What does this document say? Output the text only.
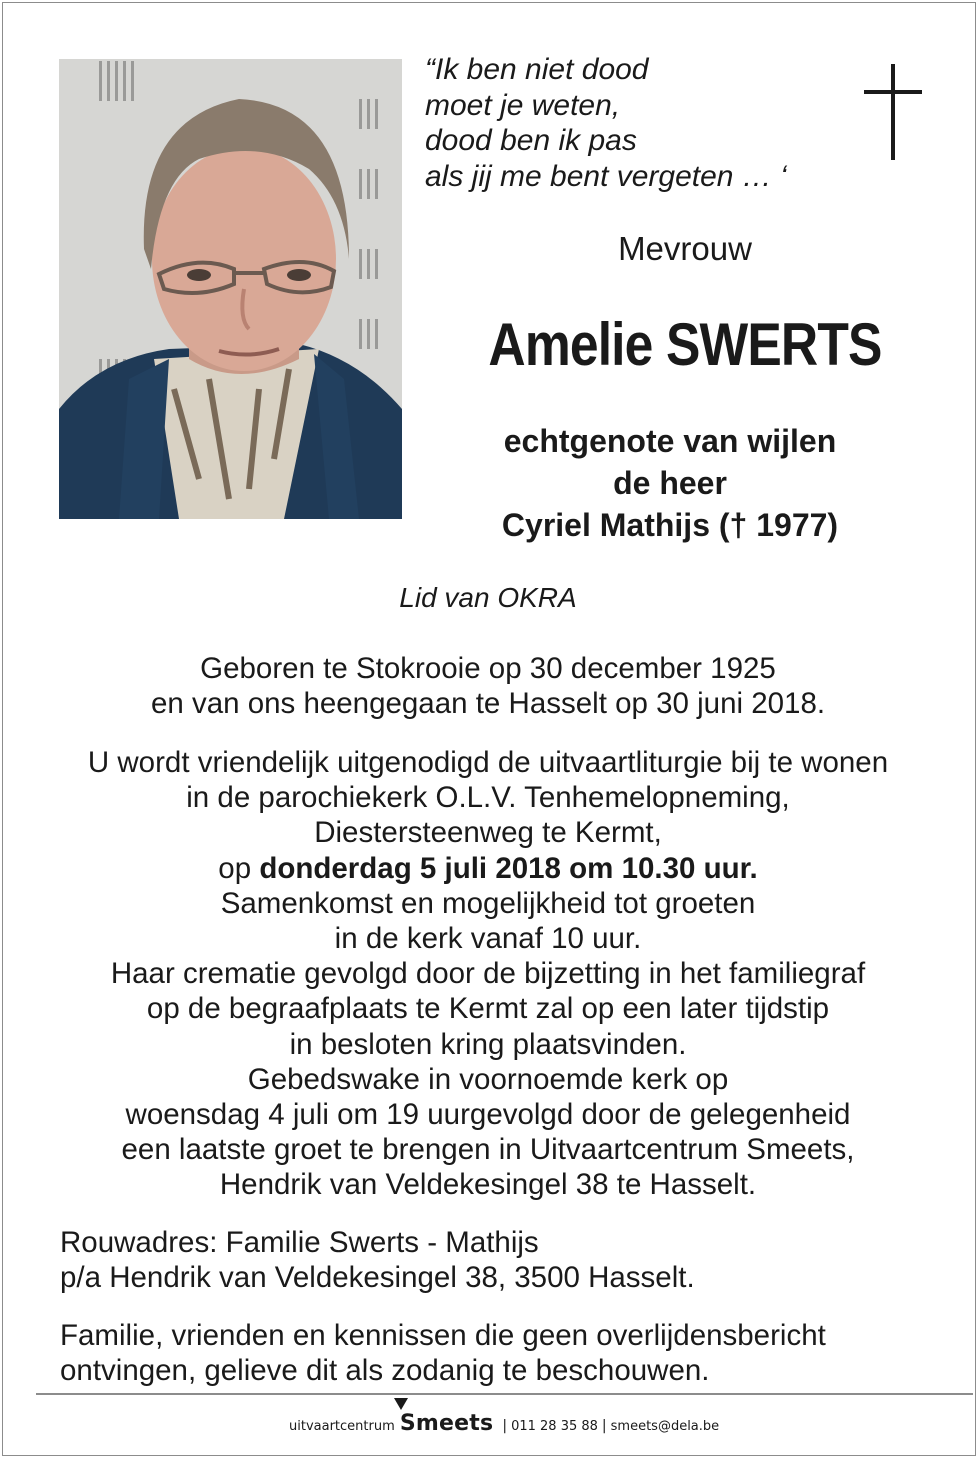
“Ik ben niet dood
moet je weten,
dood ben ik pas
als jij me bent vergeten … ‘
Mevrouw
Amelie SWERTS
echtgenote van wijlen
de heer
Cyriel Mathijs († 1977)
Lid van OKRA
Geboren te Stokrooie op 30 december 1925
en van ons heengegaan te Hasselt op 30 juni 2018.
U wordt vriendelijk uitgenodigd de uitvaartliturgie bij te wonen
in de parochiekerk O.L.V. Tenhemelopneming,
Diestersteenweg te Kermt,
op donderdag 5 juli 2018 om 10.30 uur.
Samenkomst en mogelijkheid tot groeten
in de kerk vanaf 10 uur.
Haar crematie gevolgd door de bijzetting in het familiegraf
op de begraafplaats te Kermt zal op een later tijdstip
in besloten kring plaatsvinden.
Gebedswake in voornoemde kerk op
woensdag 4 juli om 19 uurgevolgd door de gelegenheid
een laatste groet te brengen in Uitvaartcentrum Smeets,
Hendrik van Veldekesingel 38 te Hasselt.
Rouwadres: Familie Swerts - Mathijs
p/a Hendrik van Veldekesingel 38, 3500 Hasselt.
Familie, vrienden en kennissen die geen overlijdensbericht
ontvingen, gelieve dit als zodanig te beschouwen.
uitvaartcentrum Smeets | 011 28 35 88 | smeets@dela.be
